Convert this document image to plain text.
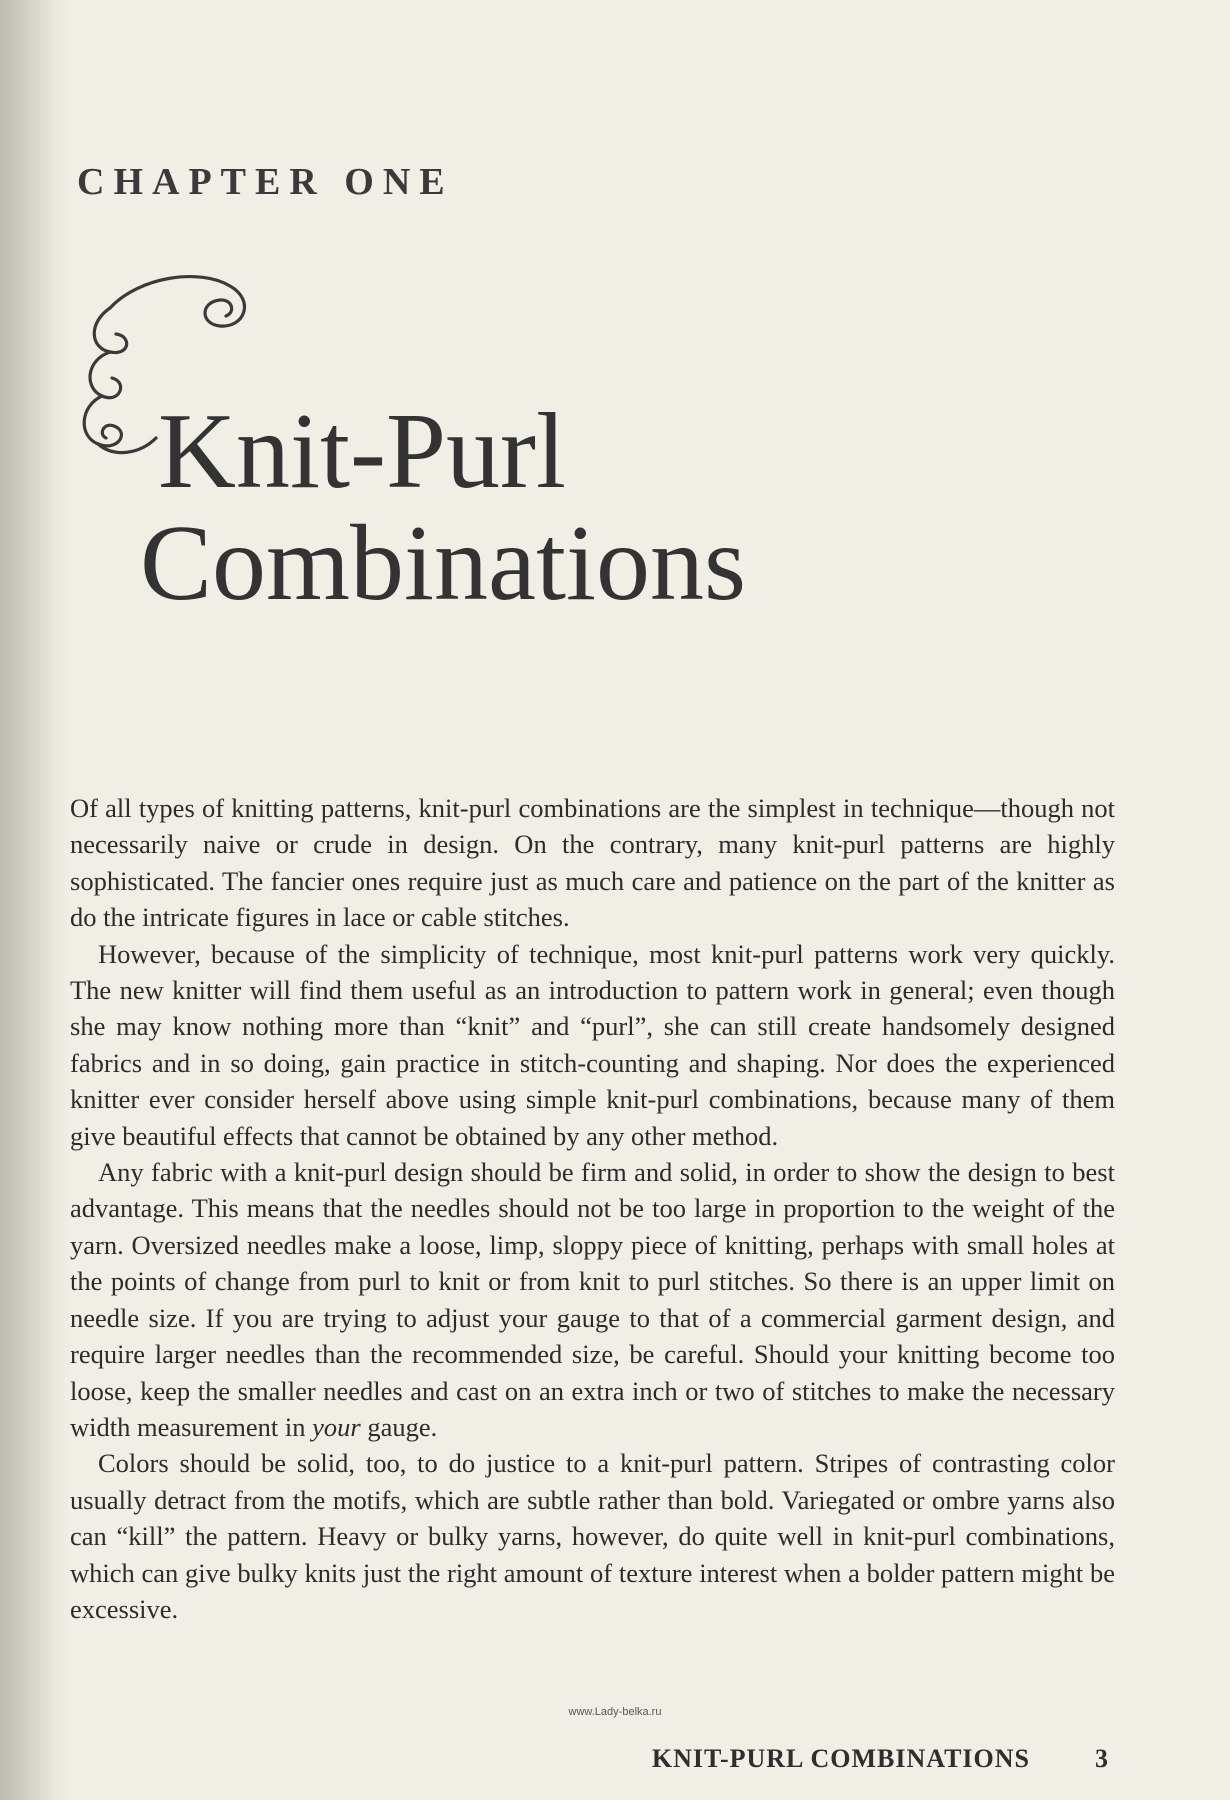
CHAPTER ONE
Knit-Purl
Combinations

Of all types of knitting patterns, knit-purl combinations are the simplest in technique—though not necessarily naive or crude in design. On the contrary, many knit-purl patterns are highly sophisticated. The fancier ones require just as much care and patience on the part of the knitter as do the intricate figures in lace or cable stitches.

However, because of the simplicity of technique, most knit-purl patterns work very quickly. The new knitter will find them useful as an introduction to pattern work in general; even though she may know nothing more than “knit” and “purl”, she can still create handsomely designed fabrics and in so doing, gain practice in stitch-counting and shaping. Nor does the experienced knitter ever consider herself above using simple knit-purl combinations, because many of them give beautiful effects that cannot be obtained by any other method.

Any fabric with a knit-purl design should be firm and solid, in order to show the design to best advantage. This means that the needles should not be too large in proportion to the weight of the yarn. Oversized needles make a loose, limp, sloppy piece of knitting, perhaps with small holes at the points of change from purl to knit or from knit to purl stitches. So there is an upper limit on needle size. If you are trying to adjust your gauge to that of a commercial garment design, and require larger needles than the recommended size, be careful. Should your knitting become too loose, keep the smaller needles and cast on an extra inch or two of stitches to make the necessary width measurement in your gauge.

Colors should be solid, too, to do justice to a knit-purl pattern. Stripes of contrasting color usually detract from the motifs, which are subtle rather than bold. Variegated or ombre yarns also can “kill” the pattern. Heavy or bulky yarns, however, do quite well in knit-purl combinations, which can give bulky knits just the right amount of texture interest when a bolder pattern might be excessive.

www.Lady-belka.ru
KNIT-PURL COMBINATIONS	3
